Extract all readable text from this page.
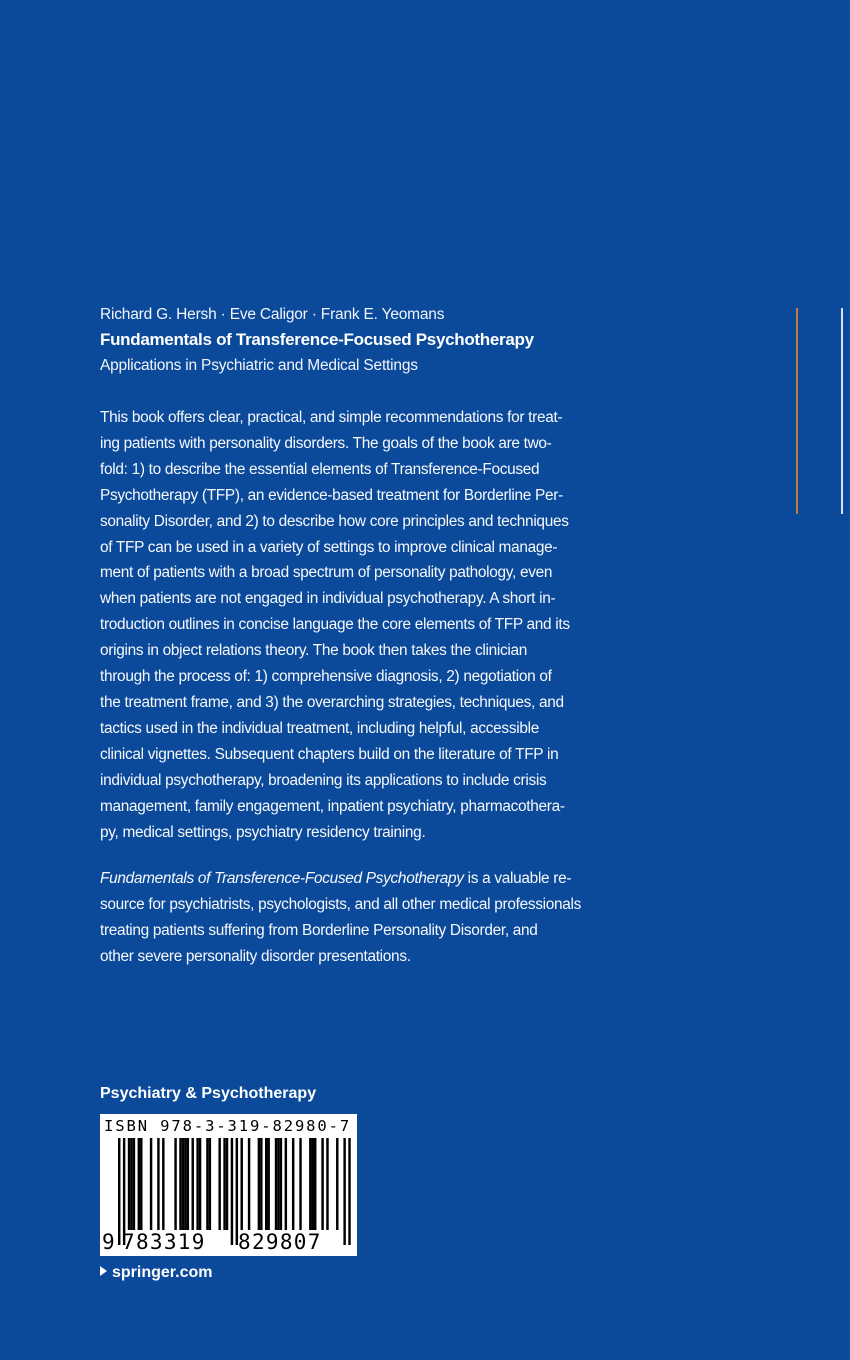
Richard G. Hersh · Eve Caligor · Frank E. Yeomans
Fundamentals of Transference-Focused Psychotherapy
Applications in Psychiatric and Medical Settings
This book offers clear, practical, and simple recommendations for treat-
ing patients with personality disorders. The goals of the book are two-
fold: 1) to describe the essential elements of Transference-Focused
Psychotherapy (TFP), an evidence-based treatment for Borderline Per-
sonality Disorder, and 2) to describe how core principles and techniques
of TFP can be used in a variety of settings to improve clinical manage-
ment of patients with a broad spectrum of personality pathology, even
when patients are not engaged in individual psychotherapy. A short in-
troduction outlines in concise language the core elements of TFP and its
origins in object relations theory. The book then takes the clinician
through the process of: 1) comprehensive diagnosis, 2) negotiation of
the treatment frame, and 3) the overarching strategies, techniques, and
tactics used in the individual treatment, including helpful, accessible
clinical vignettes. Subsequent chapters build on the literature of TFP in
individual psychotherapy, broadening its applications to include crisis
management, family engagement, inpatient psychiatry, pharmacothera-
py, medical settings, psychiatry residency training.
Fundamentals of Transference-Focused Psychotherapy is a valuable re-
source for psychiatrists, psychologists, and all other medical professionals
treating patients suffering from Borderline Personality Disorder, and
other severe personality disorder presentations.
Psychiatry & Psychotherapy
ISBN 978-3-319-82980-7
9 783319 829807
springer.com
